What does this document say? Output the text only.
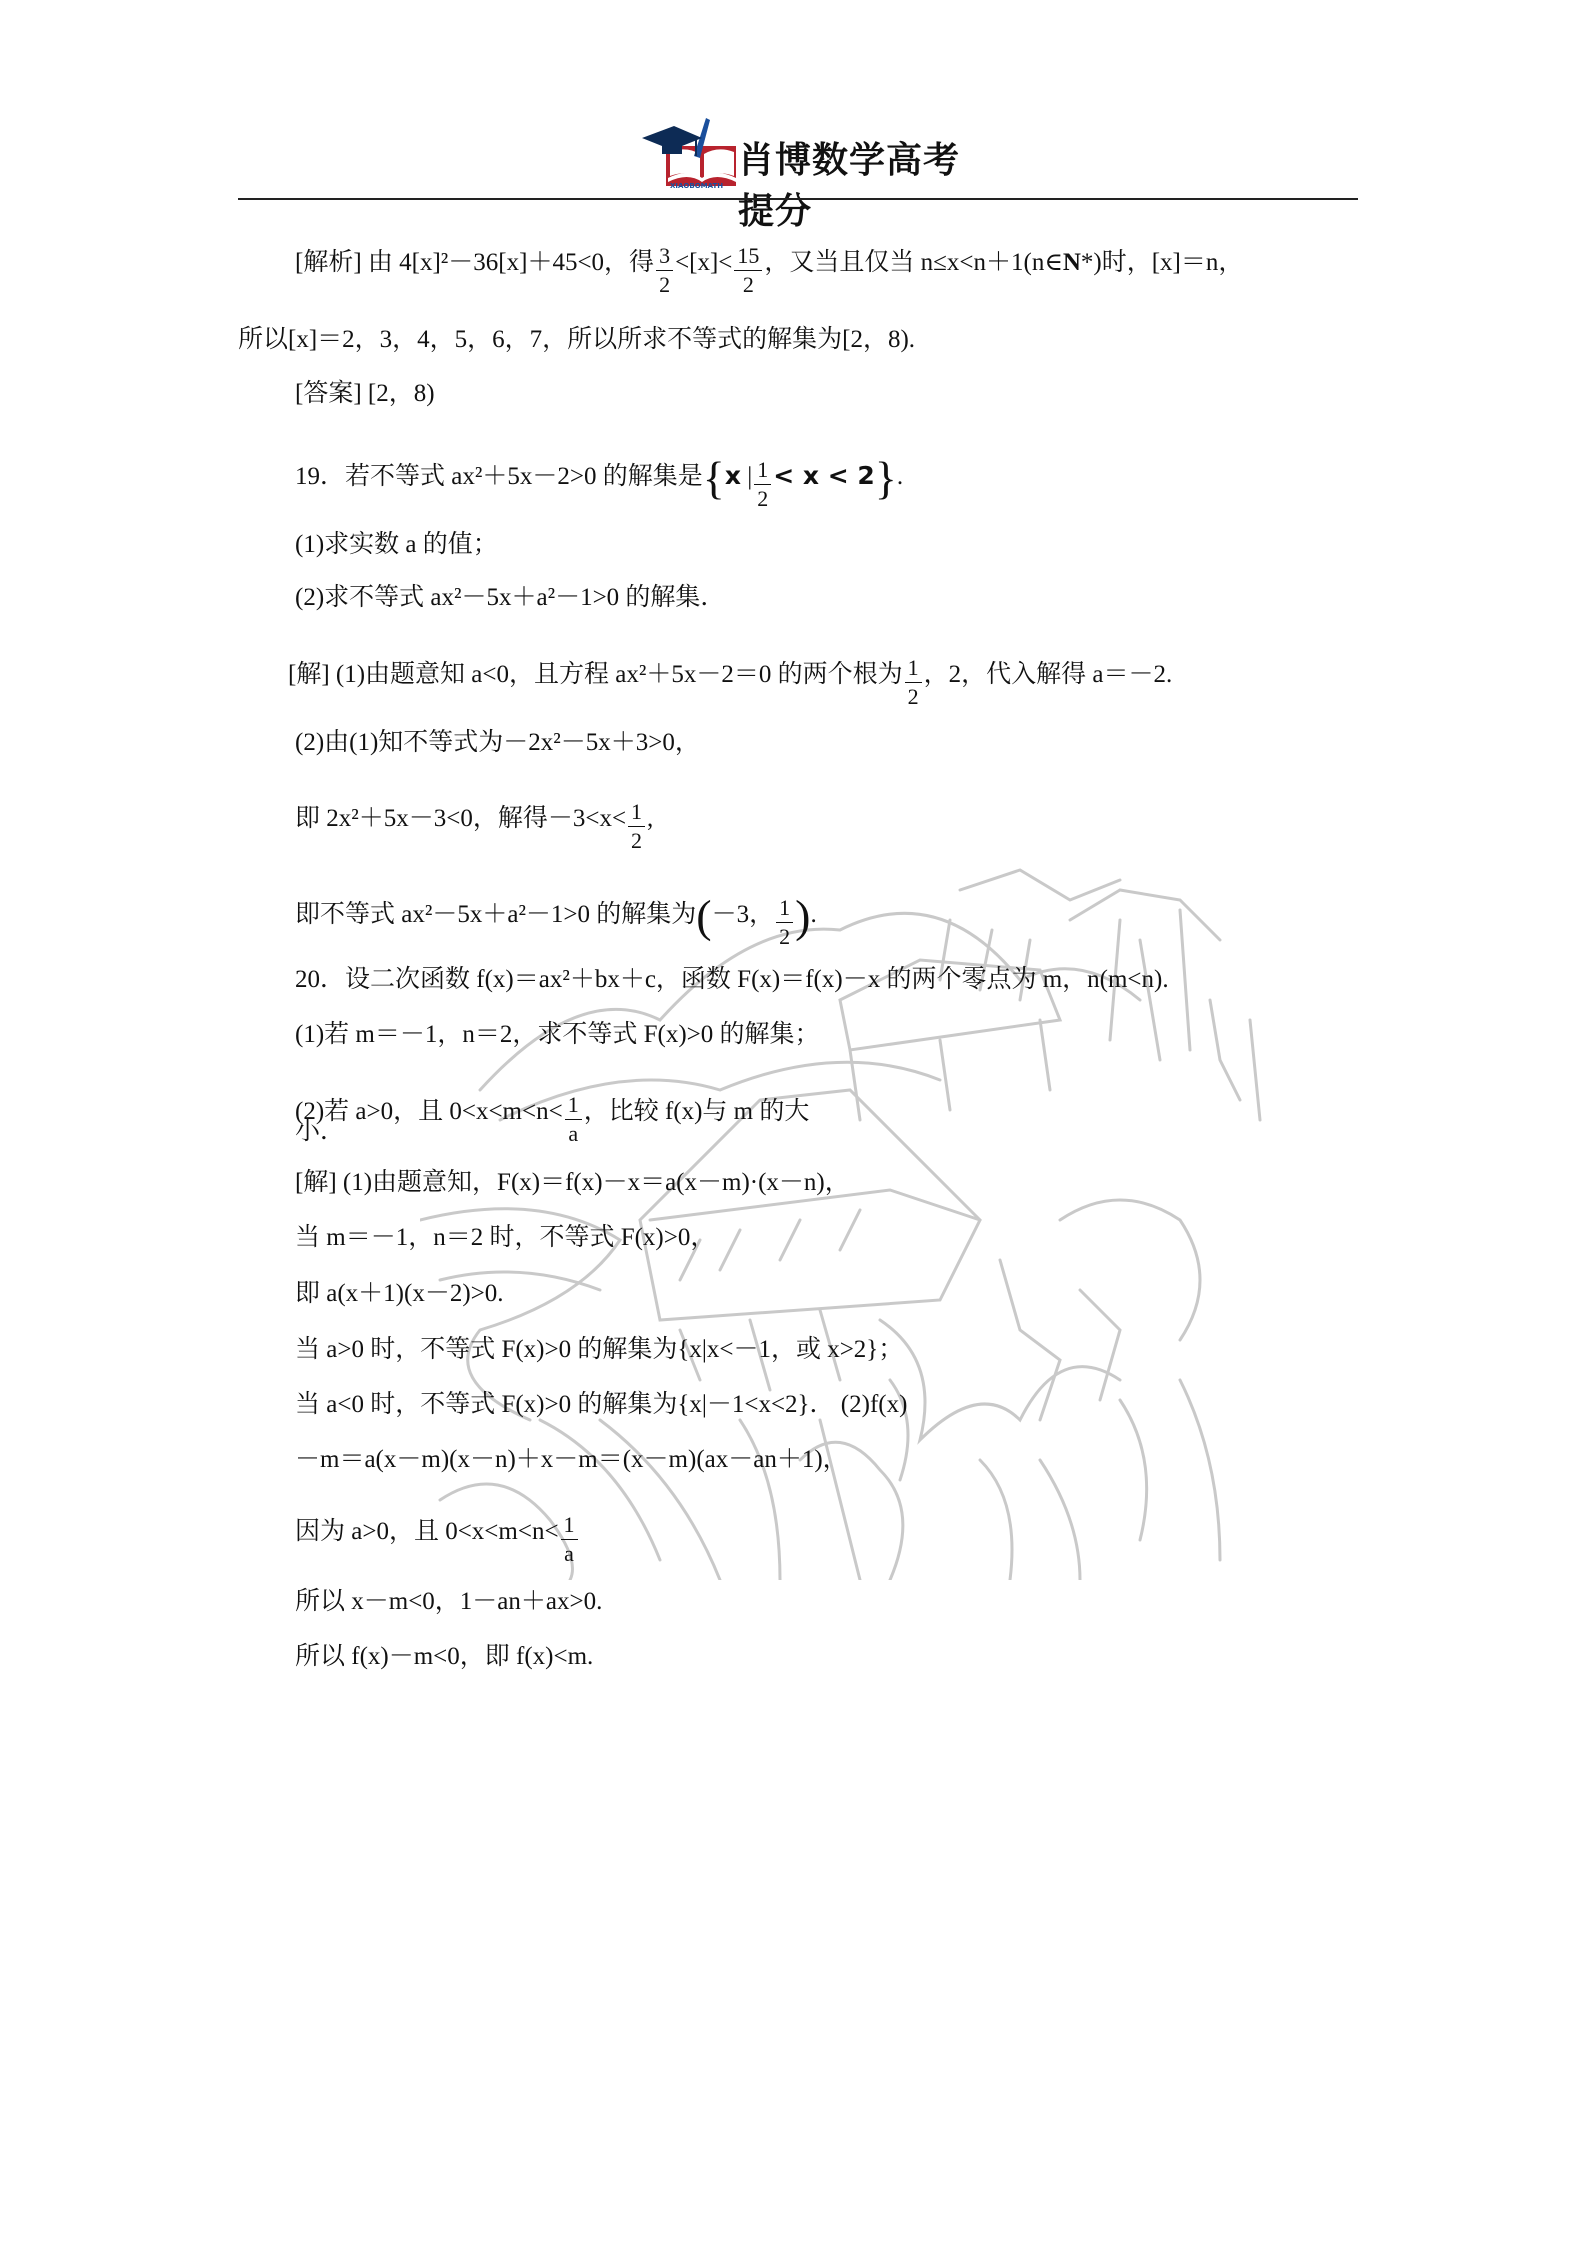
XIAOBOMATH
肖博数学高考提分
[解析] 由 4[x]²－36[x]＋45<0，得 $\frac{3}{2} <[x]< \frac{15}{2}$ ，又当且仅当 n≤x<n＋1(n∈N*)时，[x]＝n，
所以[x]＝2，3，4，5，6，7，所以所求不等式的解集为[2，8).
[答案] [2，8)
19．若不等式 ax²＋5x－2>0 的解集是{x | $\frac{1}{2} < x < 2$}.
(1)求实数 a 的值；
(2)求不等式 ax²－5x＋a²－1>0 的解集．
[解] (1)由题意知 a<0，且方程 ax²＋5x－2＝0 的两个根为 $\frac{1}{2}$ ，2，代入解得 a＝－2.
(2)由(1)知不等式为－2x²－5x＋3>0，
即 2x²＋5x－3<0，解得$-3<x< \frac{1}{2}$ ,
即不等式 ax²－5x＋a²－1>0 的解集为(－3， $\frac{1}{2}$ ).
20．设二次函数 f(x)＝ax²＋bx＋c，函数 F(x)＝f(x)－x 的两个零点为 m，n(m<n).
(1)若 m＝－1，n＝2，求不等式 F(x)>0 的解集；
(2)若 a>0，且 $0<x<m<n< \frac{1}{a}$ ，比较 f(x)与 m 的大
小．
[解] (1)由题意知，F(x)＝f(x)－x＝a(x－m)·(x－n)，
当 m＝－1，n＝2 时，不等式 F(x)>0，
即 a(x＋1)(x－2)>0.
当 a>0 时，不等式 F(x)>0 的解集为{x|x<－1，或 x>2}；
当 a<0 时，不等式 F(x)>0 的解集为{x|－1<x<2}． (2)f(x)
－m＝a(x－m)(x－n)＋x－m＝(x－m)(ax－an＋1)，
因为 a>0，且 $0<x<m<n< \frac{1}{a}$
所以 x－m<0，1－an＋ax>0.
所以 f(x)－m<0，即 f(x)<m.
